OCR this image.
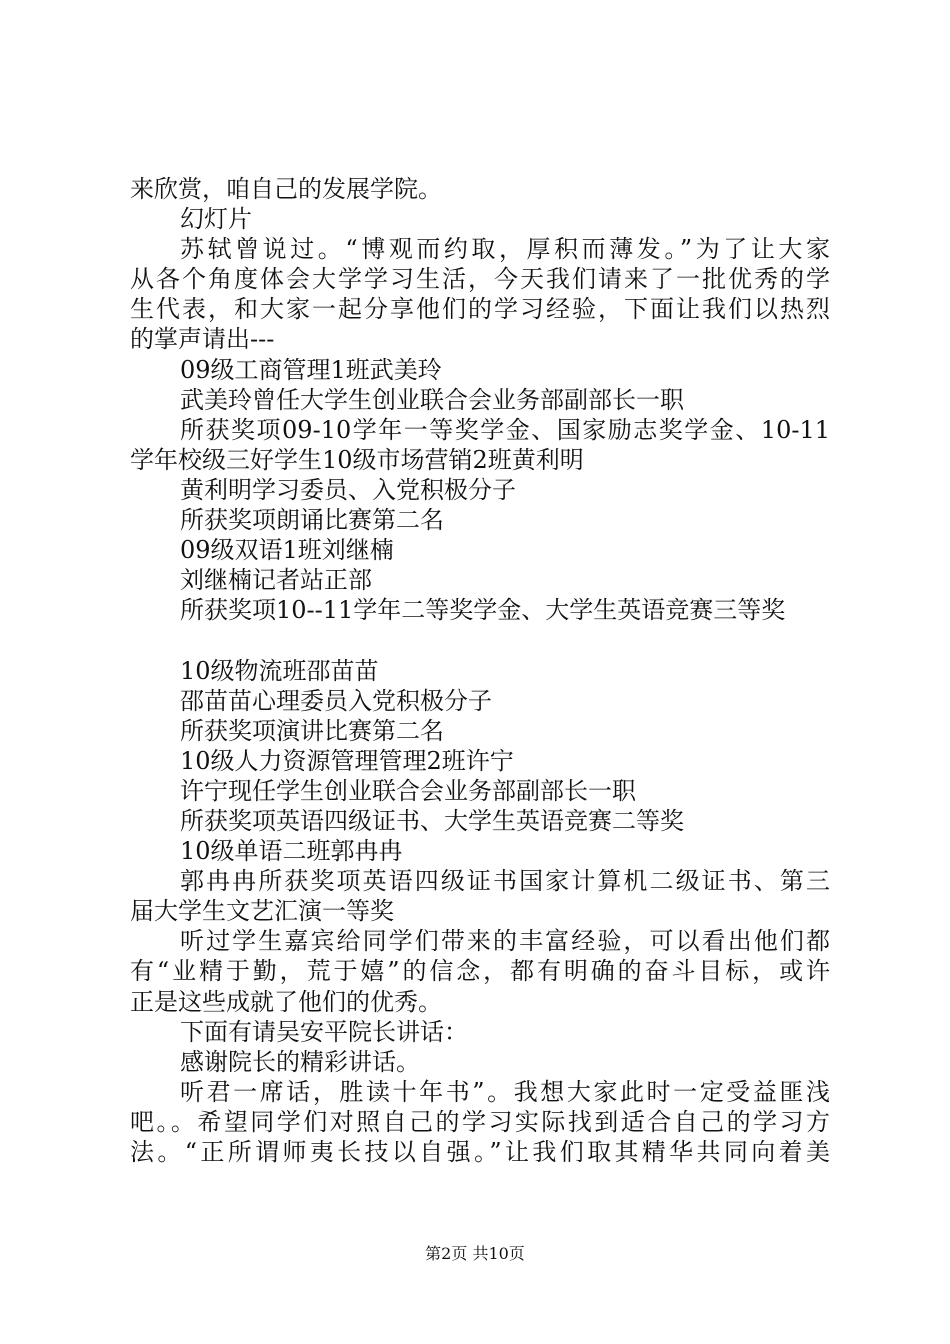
来欣赏，咱自己的发展学院。
幻灯片
苏轼曾说过。“博观而约取，厚积而薄发。”为了让大家
从各个角度体会大学学习生活，今天我们请来了一批优秀的学
生代表，和大家一起分享他们的学习经验，下面让我们以热烈
的掌声请出---
09级工商管理1班武美玲
武美玲曾任大学生创业联合会业务部副部长一职
所获奖项09-10学年一等奖学金、国家励志奖学金、10-11
学年校级三好学生10级市场营销2班黄利明
黄利明学习委员、入党积极分子
所获奖项朗诵比赛第二名
09级双语1班刘继楠
刘继楠记者站正部
所获奖项10--11学年二等奖学金、大学生英语竞赛三等奖
10级物流班邵苗苗
邵苗苗心理委员入党积极分子
所获奖项演讲比赛第二名
10级人力资源管理管理2班许宁
许宁现任学生创业联合会业务部副部长一职
所获奖项英语四级证书、大学生英语竞赛二等奖
10级单语二班郭冉冉
郭冉冉所获奖项英语四级证书国家计算机二级证书、第三
届大学生文艺汇演一等奖
听过学生嘉宾给同学们带来的丰富经验，可以看出他们都
有“业精于勤，荒于嬉”的信念，都有明确的奋斗目标，或许
正是这些成就了他们的优秀。
下面有请吴安平院长讲话：
感谢院长的精彩讲话。
听君一席话，胜读十年书”。我想大家此时一定受益匪浅
吧。。希望同学们对照自己的学习实际找到适合自己的学习方
法。“正所谓师夷长技以自强。”让我们取其精华共同向着美
第2页 共10页
